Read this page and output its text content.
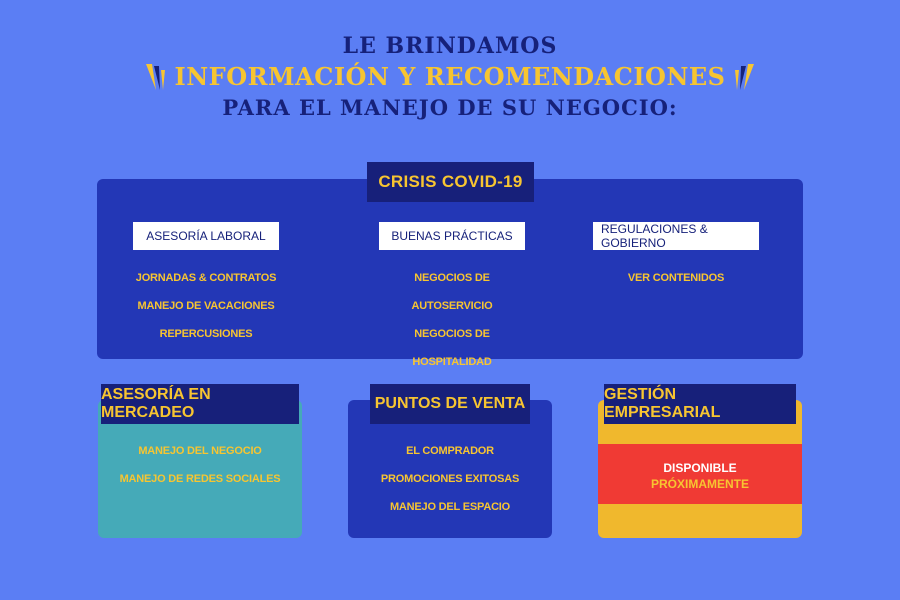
LE BRINDAMOS
INFORMACIÓN Y RECOMENDACIONES
PARA EL MANEJO DE SU NEGOCIO:
CRISIS COVID-19
ASESORÍA LABORAL
JORNADAS & CONTRATOS
MANEJO DE VACACIONES
REPERCUSIONES
BUENAS PRÁCTICAS
NEGOCIOS DE AUTOSERVICIO
NEGOCIOS DE HOSPITALIDAD
REGULACIONES & GOBIERNO
VER CONTENIDOS
ASESORÍA EN MERCADEO
MANEJO DEL NEGOCIO
MANEJO DE REDES SOCIALES
PUNTOS DE VENTA
EL COMPRADOR
PROMOCIONES EXITOSAS
MANEJO DEL ESPACIO
GESTIÓN EMPRESARIAL
DISPONIBLE
PRÓXIMAMENTE
